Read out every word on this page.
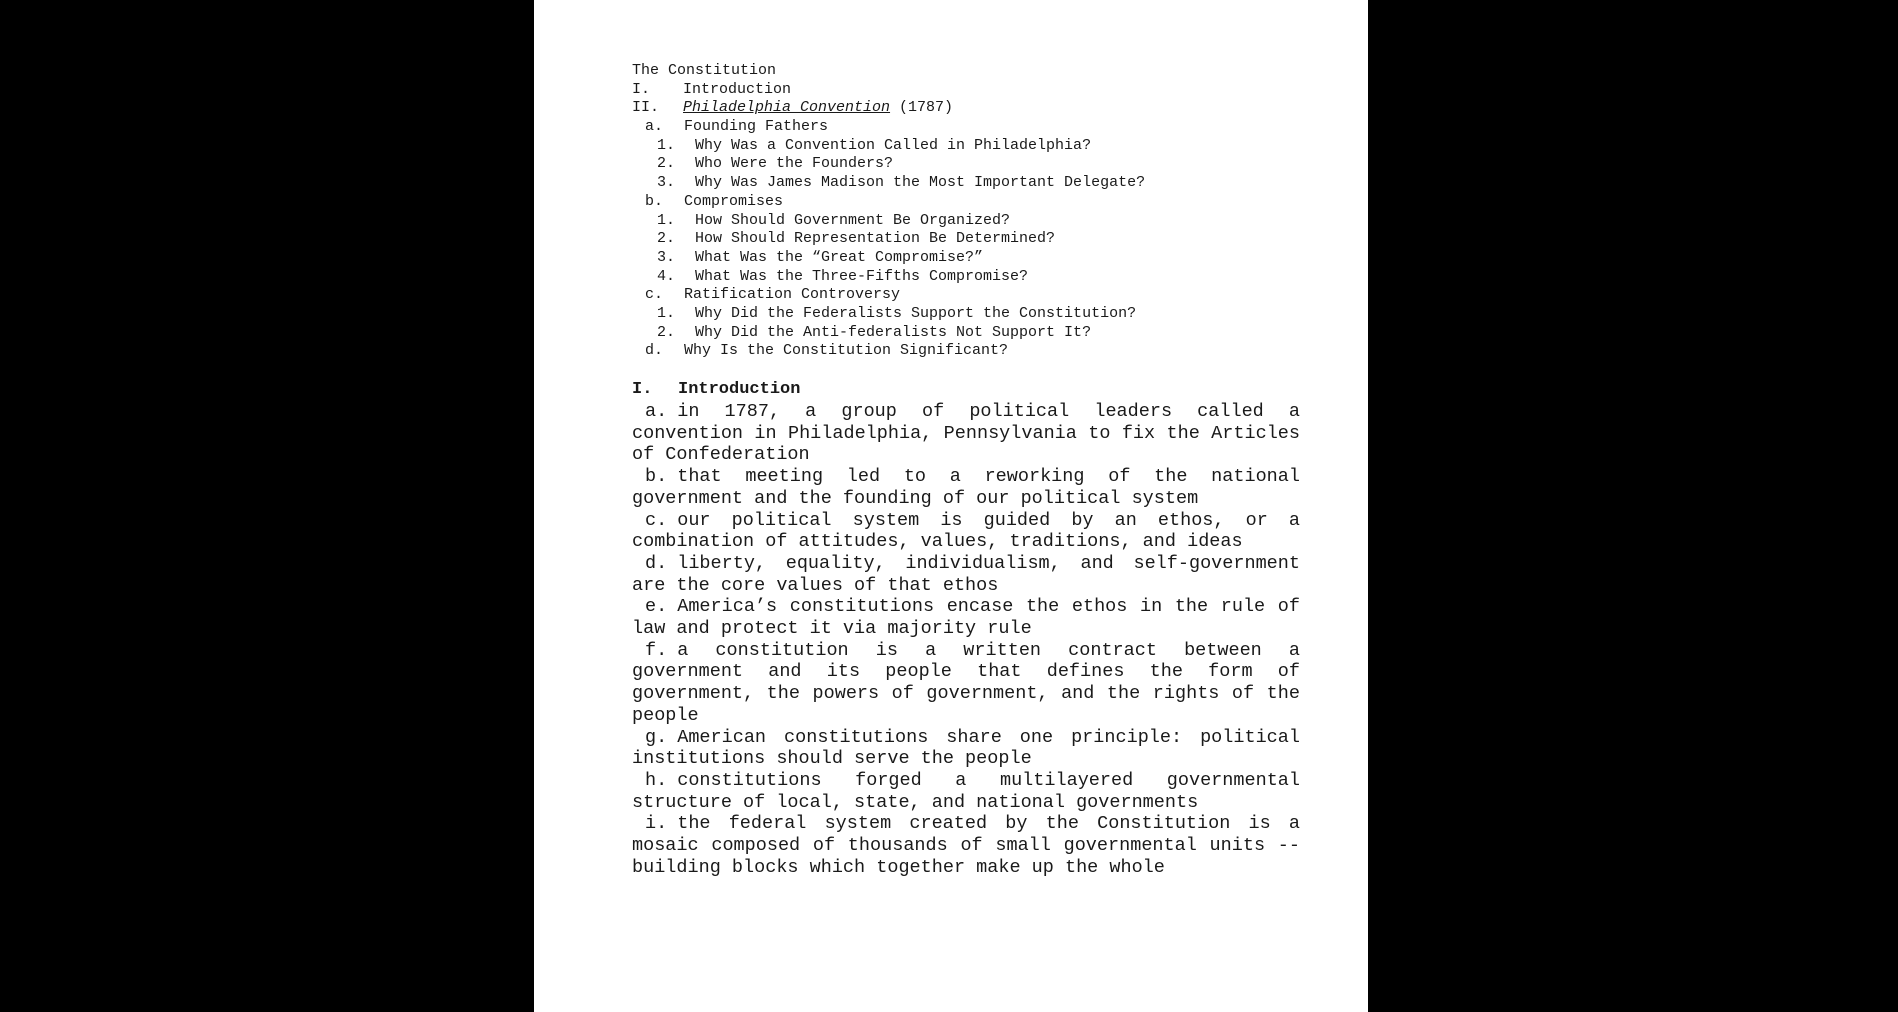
The Constitution
I. Introduction
II. Philadelphia Convention (1787)
a. Founding Fathers
1. Why Was a Convention Called in Philadelphia?
2. Who Were the Founders?
3. Why Was James Madison the Most Important Delegate?
b. Compromises
1. How Should Government Be Organized?
2. How Should Representation Be Determined?
3. What Was the “Great Compromise?”
4. What Was the Three-Fifths Compromise?
c. Ratification Controversy
1. Why Did the Federalists Support the Constitution?
2. Why Did the Anti-federalists Not Support It?
d. Why Is the Constitution Significant?
I. Introduction
a. in 1787, a group of political leaders called a convention in Philadelphia, Pennsylvania to fix the Articles of Confederation
b. that meeting led to a reworking of the national government and the founding of our political system
c. our political system is guided by an ethos, or a combination of attitudes, values, traditions, and ideas
d. liberty, equality, individualism, and self-government are the core values of that ethos
e. America’s constitutions encase the ethos in the rule of law and protect it via majority rule
f. a constitution is a written contract between a government and its people that defines the form of government, the powers of government, and the rights of the people
g. American constitutions share one principle: political institutions should serve the people
h. constitutions forged a multilayered governmental structure of local, state, and national governments
i. the federal system created by the Constitution is a mosaic composed of thousands of small governmental units -- building blocks which together make up the whole
